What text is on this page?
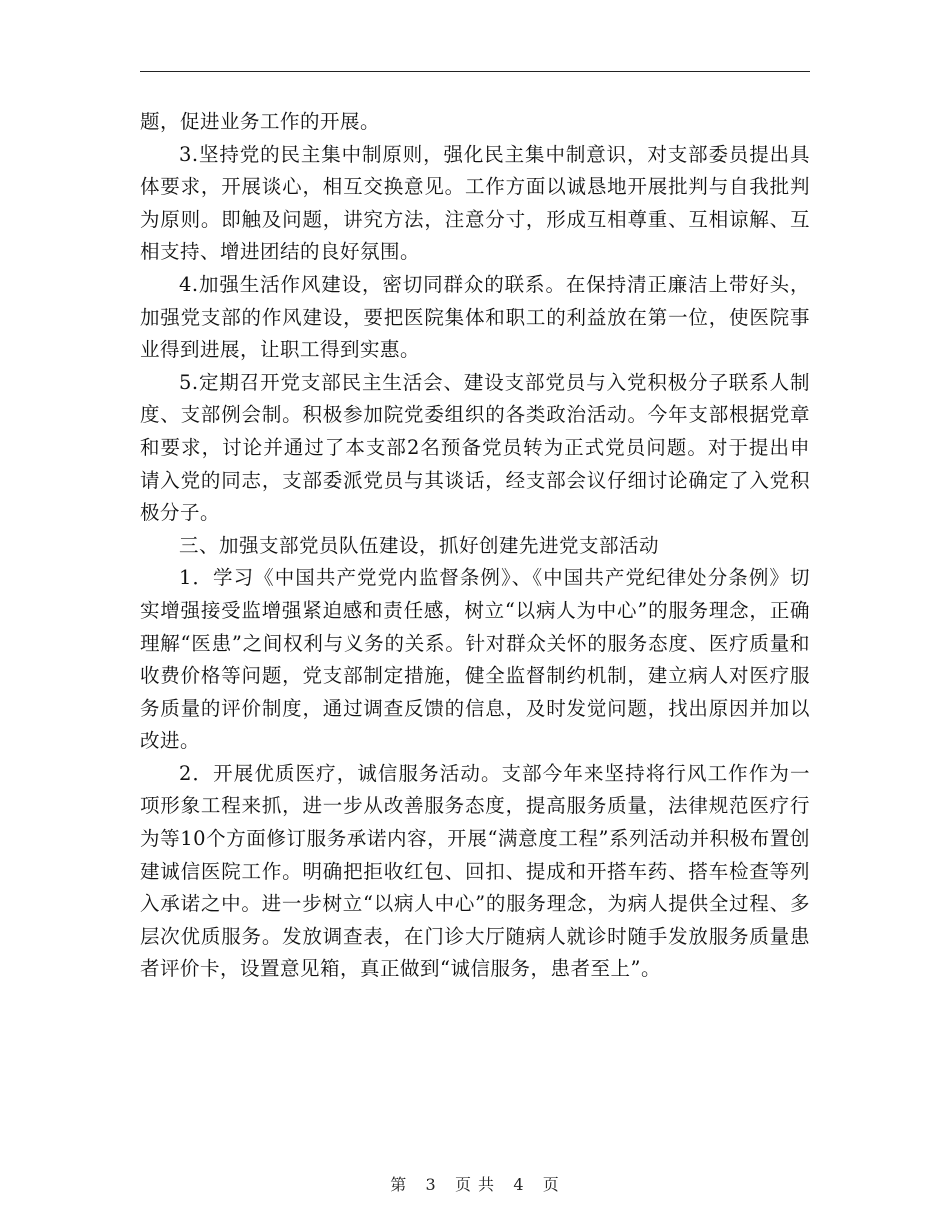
题，促进业务工作的开展。

3.坚持党的民主集中制原则，强化民主集中制意识，对支部委员提出具体要求，开展谈心，相互交换意见。工作方面以诚恳地开展批判与自我批判为原则。即触及问题，讲究方法，注意分寸，形成互相尊重、互相谅解、互相支持、增进团结的良好氛围。

4.加强生活作风建设，密切同群众的联系。在保持清正廉洁上带好头，加强党支部的作风建设，要把医院集体和职工的利益放在第一位，使医院事业得到进展，让职工得到实惠。

5.定期召开党支部民主生活会、建设支部党员与入党积极分子联系人制度、支部例会制。积极参加院党委组织的各类政治活动。今年支部根据党章和要求，讨论并通过了本支部2名预备党员转为正式党员问题。对于提出申请入党的同志，支部委派党员与其谈话，经支部会议仔细讨论确定了入党积极分子。

三、加强支部党员队伍建设，抓好创建先进党支部活动

1．学习《中国共产党党内监督条例》、《中国共产党纪律处分条例》切实增强接受监增强紧迫感和责任感，树立“以病人为中心”的服务理念，正确理解“医患”之间权利与义务的关系。针对群众关怀的服务态度、医疗质量和收费价格等问题，党支部制定措施，健全监督制约机制，建立病人对医疗服务质量的评价制度，通过调查反馈的信息，及时发觉问题，找出原因并加以改进。

2．开展优质医疗，诚信服务活动。支部今年来坚持将行风工作作为一项形象工程来抓，进一步从改善服务态度，提高服务质量，法律规范医疗行为等10个方面修订服务承诺内容，开展“满意度工程”系列活动并积极布置创建诚信医院工作。明确把拒收红包、回扣、提成和开搭车药、搭车检查等列入承诺之中。进一步树立“以病人中心”的服务理念，为病人提供全过程、多层次优质服务。发放调查表，在门诊大厅随病人就诊时随手发放服务质量患者评价卡，设置意见箱，真正做到“诚信服务，患者至上”。

第 3 页 共 4 页
